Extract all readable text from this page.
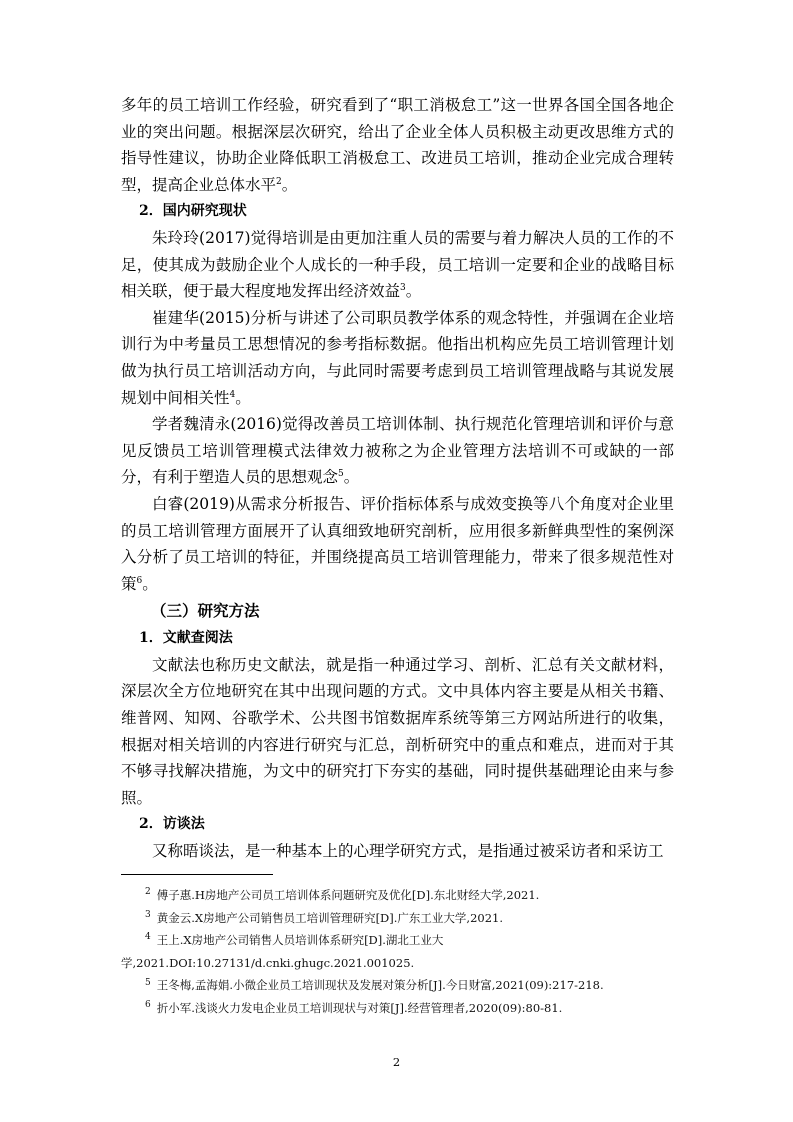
多年的员工培训工作经验，研究看到了“职工消极怠工”这一世界各国全国各地企业的突出问题。根据深层次研究，给出了企业全体人员积极主动更改思维方式的指导性建议，协助企业降低职工消极怠工、改进员工培训，推动企业完成合理转型，提高企业总体水平$^2$。

2．国内研究现状

朱玲玲(2017)觉得培训是由更加注重人员的需要与着力解决人员的工作的不足，使其成为鼓励企业个人成长的一种手段，员工培训一定要和企业的战略目标相关联，便于最大程度地发挥出经济效益$^3$。

崔建华(2015)分析与讲述了公司职员教学体系的观念特性，并强调在企业培训行为中考量员工思想情况的参考指标数据。他指出机构应先员工培训管理计划做为执行员工培训活动方向，与此同时需要考虑到员工培训管理战略与其说发展规划中间相关性$^4$。

学者魏清永(2016)觉得改善员工培训体制、执行规范化管理培训和评价与意见反馈员工培训管理模式法律效力被称之为企业管理方法培训不可或缺的一部分，有利于塑造人员的思想观念$^5$。

白睿(2019)从需求分析报告、评价指标体系与成效变换等八个角度对企业里的员工培训管理方面展开了认真细致地研究剖析，应用很多新鲜典型性的案例深入分析了员工培训的特征，并围绕提高员工培训管理能力，带来了很多规范性对策$^6$。

（三）研究方法

1．文献查阅法

文献法也称历史文献法，就是指一种通过学习、剖析、汇总有关文献材料，深层次全方位地研究在其中出现问题的方式。文中具体内容主要是从相关书籍、维普网、知网、谷歌学术、公共图书馆数据库系统等第三方网站所进行的收集，根据对相关培训的内容进行研究与汇总，剖析研究中的重点和难点，进而对于其不够寻找解决措施，为文中的研究打下夯实的基础，同时提供基础理论由来与参照。

2．访谈法

又称晤谈法，是一种基本上的心理学研究方式，是指通过被采访者和采访工

$^2$ 傅子惠.H房地产公司员工培训体系问题研究及优化[D].东北财经大学,2021.

$^3$ 黄金云.X房地产公司销售员工培训管理研究[D].广东工业大学,2021.

$^4$ 王上.X房地产公司销售人员培训体系研究[D].湖北工业大

学,2021.DOI:10.27131/d.cnki.ghugc.2021.001025.

$^5$ 王冬梅,孟海娟.小微企业员工培训现状及发展对策分析[J].今日财富,2021(09):217-218.

$^6$ 折小军.浅谈火力发电企业员工培训现状与对策[J].经营管理者,2020(09):80-81.

2
